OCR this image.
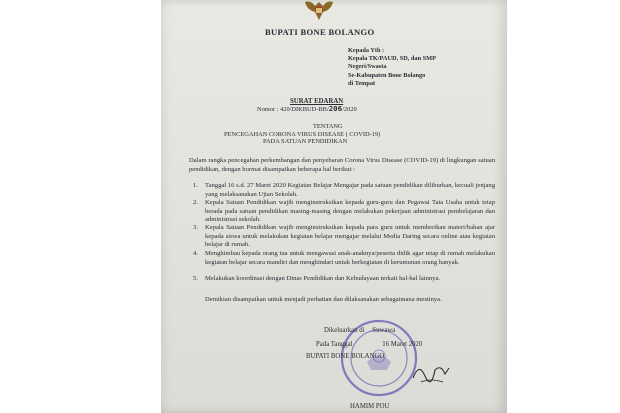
BUPATI BONE BOLANGO
Kepada Yth :
Kepala TK/PAUD, SD, dan SMP
Negeri/Swasta
Se-Kabupaten Bone Bolango
di Tempat
SURAT EDARAN
Nomor : 420/DIKBUD-BB/206/2020
TENTANG
PENCEGAHAN CORONA VIRUS DISEASE ( COVID-19)
PADA SATUAN PENDIDIKAN
Dalam rangka pencegahan perkembangan dan penyebaran Corona Virus Disease (COVID-19) di lingkungan satuan pendidikan, dengan hormat disampaikan beberapa hal berikut :
1. Tanggal 16 s.d. 27 Maret 2020 Kegiatan Belajar Mengajar pada satuan pendidikan diliburkan, kecuali jenjang yang melaksanakan Ujian Sekolah.
2. Kepala Satuan Pendidikan wajib menginstruksikan kepada guru-guru dan Pegawai Tata Usaha untuk tetap berada pada satuan pendidikan masing-masing dengan melakukan pekerjaan administrasi pembelajaran dan administrasi sekolah.
3. Kepala Satuan Pendidikan wajib menginstruksikan kepada para guru untuk memberikan materi/bahan ajar kepada siswa untuk melakukan kegiatan belajar mengajar melalui Media Daring secara online atau kegiatan belajar di rumah.
4. Menghimbau kepada orang tua untuk mengawasi anak-anaknya/peserta didik agar tetap di rumah melakukan kegiatan belajar secara mandiri dan menghindari untuk berkegiatan di kerumunan orang banyak.
5. Melakukan koordinasi dengan Dinas Pendidikan dan Kebudayaan terkait hal-hal lainnya.
Demikian disampaikan untuk menjadi perhatian dan dilaksanakan sebagaimana mestinya.
Dikeluarkan di Suwawa
Pada Tanggal	16 Maret 2020
BUPATI BONE BOLANGO
HAMIM POU
